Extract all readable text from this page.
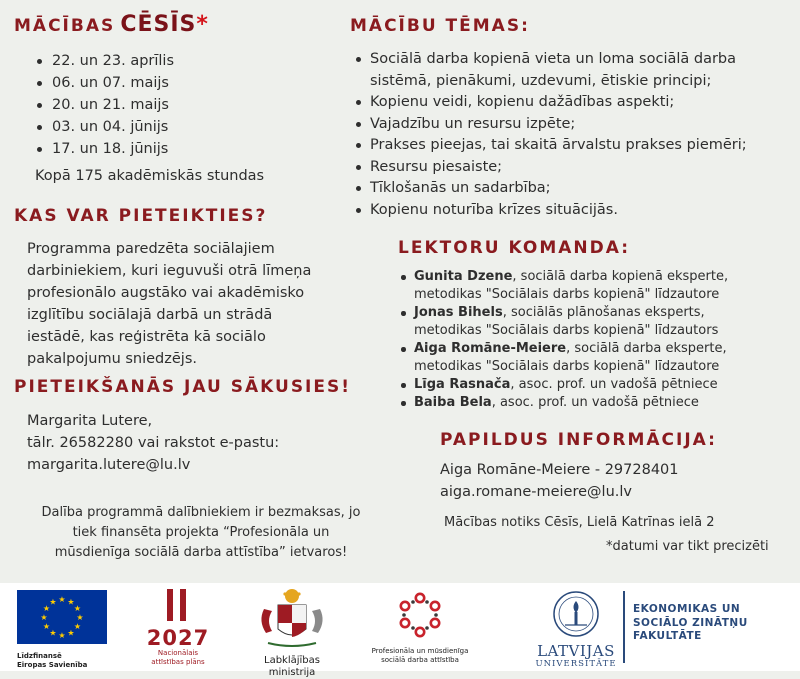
MĀCĪBAS CĒSĪS*
22. un 23. aprīlis
06. un 07. maijs
20. un 21. maijs
03. un 04. jūnijs
17. un 18. jūnijs
Kopā 175 akadēmiskās stundas
KAS VAR PIETEIKTIES?
Programma paredzēta sociālajiem
darbiniekiem, kuri ieguvuši otrā līmeņa
profesionālo augstāko vai akadēmisko
izglītību sociālajā darbā un strādā
iestādē, kas reģistrēta kā sociālo
pakalpojumu sniedzējs.
PIETEIKŠANĀS JAU SĀKUSIES!
Margarita Lutere,
tālr. 26582280 vai rakstot e-pastu:
margarita.lutere@lu.lv
Dalība programmā dalībniekiem ir bezmaksas, jo
tiek finansēta projekta “Profesionāla un
mūsdienīga sociālā darba attīstība” ietvaros!
MĀCĪBU TĒMAS:
Sociālā darba kopienā vieta un loma sociālā darba
sistēmā, pienākumi, uzdevumi, ētiskie principi;
Kopienu veidi, kopienu dažādības aspekti;
Vajadzību un resursu izpēte;
Prakses pieejas, tai skaitā ārvalstu prakses piemēri;
Resursu piesaiste;
Tīklošanās un sadarbība;
Kopienu noturība krīzes situācijās.
LEKTORU KOMANDA:
Gunita Dzene, sociālā darba kopienā eksperte,
metodikas "Sociālais darbs kopienā" līdzautore
Jonas Bihels, sociālās plānošanas eksperts,
metodikas "Sociālais darbs kopienā" līdzautors
Aiga Romāne-Meiere, sociālā darba eksperte,
metodikas "Sociālais darbs kopienā" līdzautore
Līga Rasnača, asoc. prof. un vadošā pētniece
Baiba Bela, asoc. prof. un vadošā pētniece
PAPILDUS INFORMĀCIJA:
Aiga Romāne-Meiere - 29728401
aiga.romane-meiere@lu.lv
Mācības notiks Cēsīs, Lielā Katrīnas ielā 2
*datumi var tikt precizēti
★ ★
★
★
★
★
★
★
★
★
★
★
Līdzfinansē
Eiropas Savienība
2027
Nacionālais
attīstības plāns	Labklājības ministrija
Profesionāla un mūsdienīga
sociālā darba attīstība	LATVIJAS
UNIVERSITĀTE
EKONOMIKAS UN
SOCIĀLO ZINĀTŅU
FAKULTĀTE
